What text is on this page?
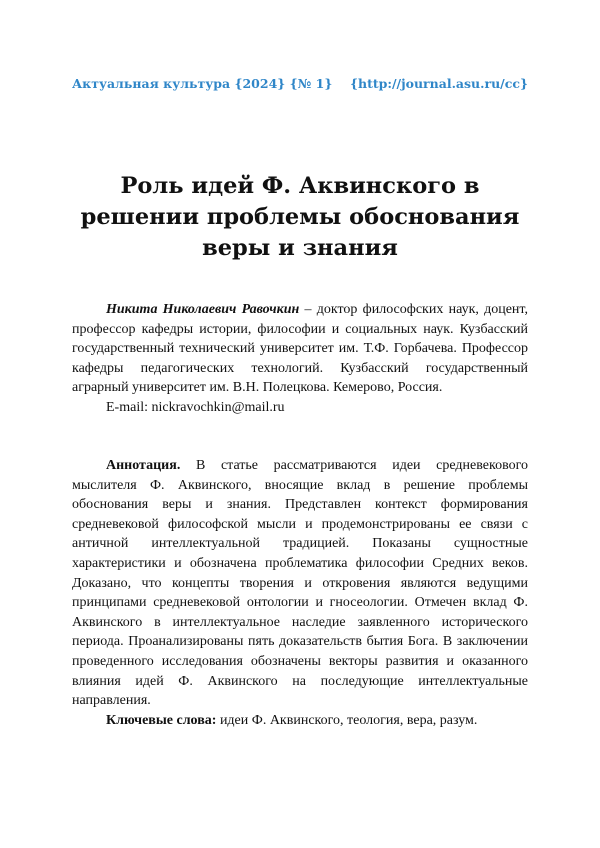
Актуальная культура {2024} {№ 1} {http://journal.asu.ru/cc}
Роль идей Ф. Аквинского в
решении проблемы обоснования
веры и знания

Никита Николаевич Равочкин – доктор философских наук, доцент, профессор кафедры истории, философии и социальных наук. Кузбасский государственный технический университет им. Т.Ф. Горбачева. Профессор кафедры педагогических технологий. Кузбасский государственный аграрный университет им. В.Н. Полецкова. Кемерово, Россия.

E-mail: nickravochkin@mail.ru

Аннотация. В статье рассматриваются идеи средневекового мыслителя Ф. Аквинского, вносящие вклад в решение проблемы обоснования веры и знания. Представлен контекст формирования средневековой философской мысли и продемонстрированы ее связи с античной интеллектуальной традицией. Показаны сущностные характеристики и обозначена проблематика философии Средних веков. Доказано, что концепты творения и откровения являются ведущими принципами средневековой онтологии и гносеологии. Отмечен вклад Ф. Аквинского в интеллектуальное наследие заявленного исторического периода. Проанализированы пять доказательств бытия Бога. В заключении проведенного исследования обозначены векторы развития и оказанного влияния идей Ф. Аквинского на последующие интеллектуальные направления.

Ключевые слова: идеи Ф. Аквинского, теология, вера, разум.
